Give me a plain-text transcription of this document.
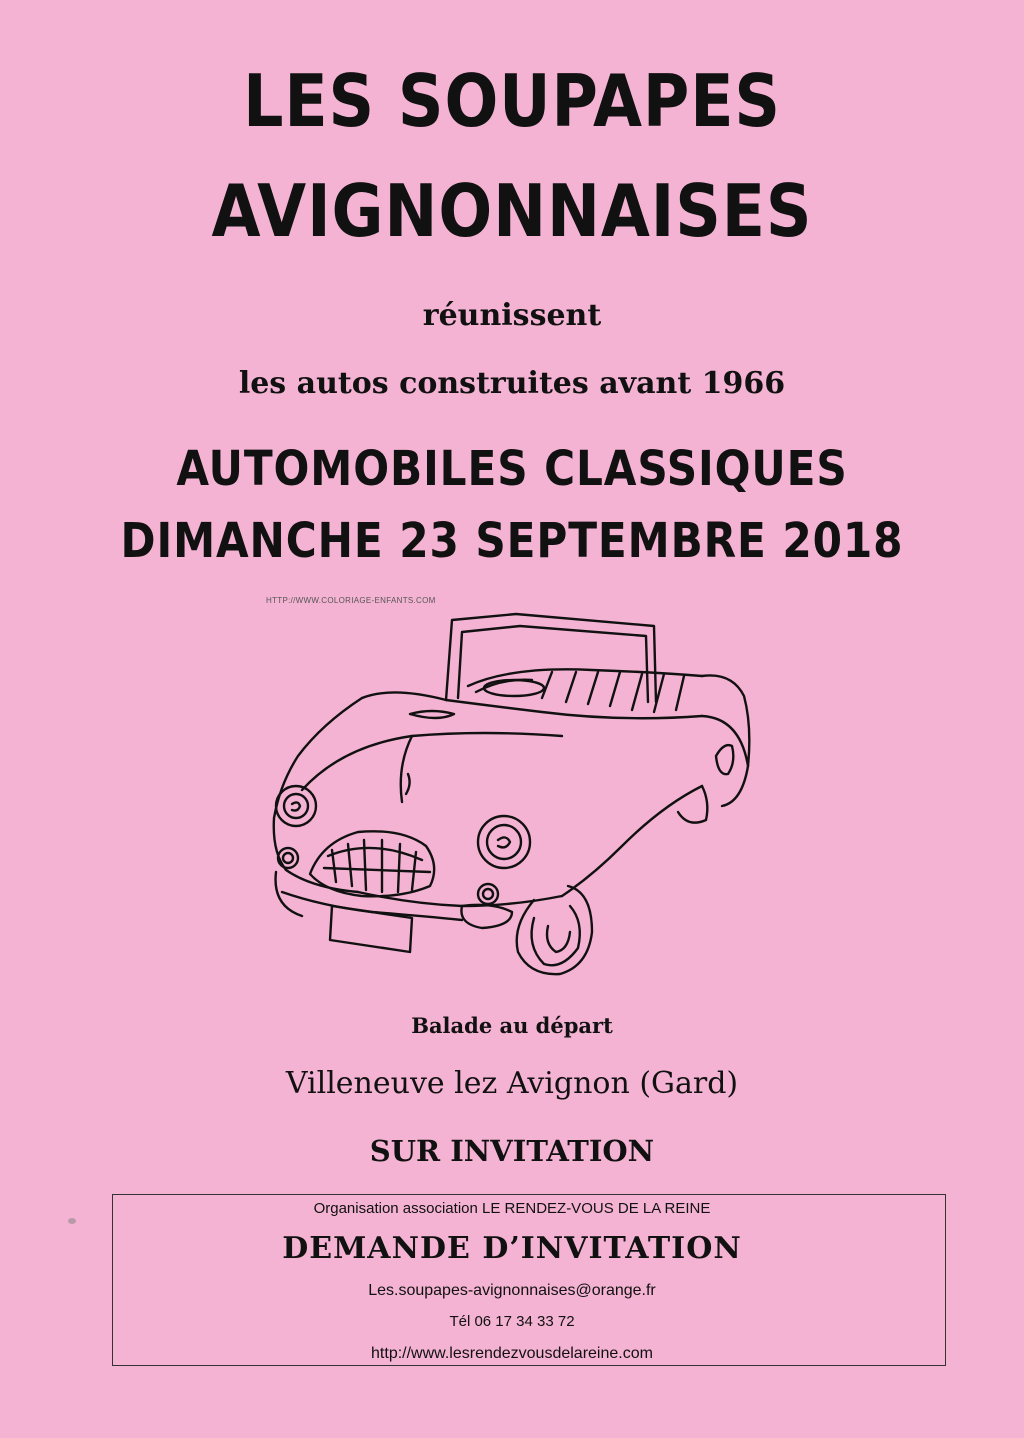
LES SOUPAPES
AVIGNONNAISES
réunissent
les autos construites avant 1966
AUTOMOBILES CLASSIQUES
DIMANCHE 23 SEPTEMBRE 2018
HTTP://WWW.COLORIAGE-ENFANTS.COM
Balade au départ
Villeneuve lez Avignon (Gard)
SUR INVITATION
Organisation association LE RENDEZ-VOUS DE LA REINE
DEMANDE D’INVITATION
Les.soupapes-avignonnaises@orange.fr
Tél 06 17 34 33 72
http://www.lesrendezvousdelareine.com
